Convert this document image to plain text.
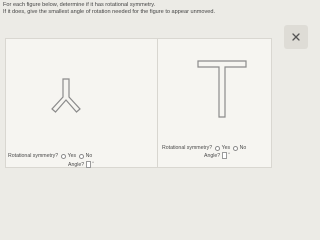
For each figure below, determine if it has rotational symmetry.
If it does, give the smallest angle of rotation needed for the figure to appear unmoved.
Rotational symmetry? Yes No
Angle? °
Rotational symmetry? Yes No
Angle? °
